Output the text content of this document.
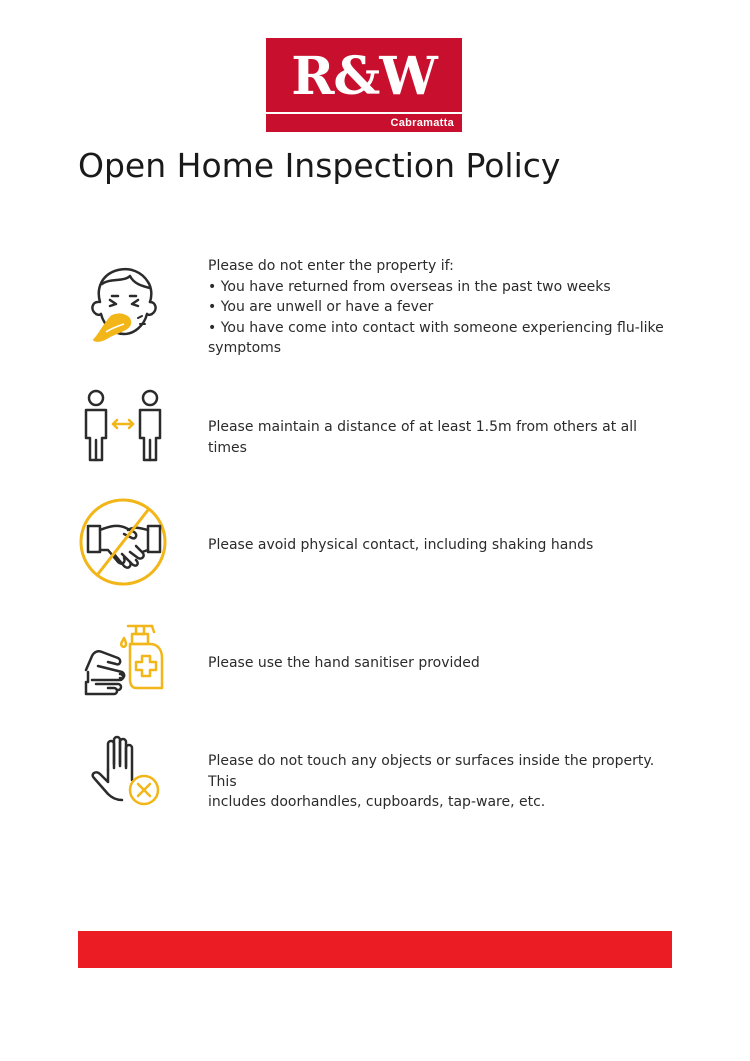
R&W
Cabramatta
Open Home Inspection Policy
Please do not enter the property if:
• You have returned from overseas in the past two weeks
• You are unwell or have a fever
• You have come into contact with someone experiencing flu-like
symptoms
Please maintain a distance of at least 1.5m from others at all times
Please avoid physical contact, including shaking hands
Please use the hand sanitiser provided
Please do not touch any objects or surfaces inside the property. This
includes doorhandles, cupboards, tap-ware, etc.
